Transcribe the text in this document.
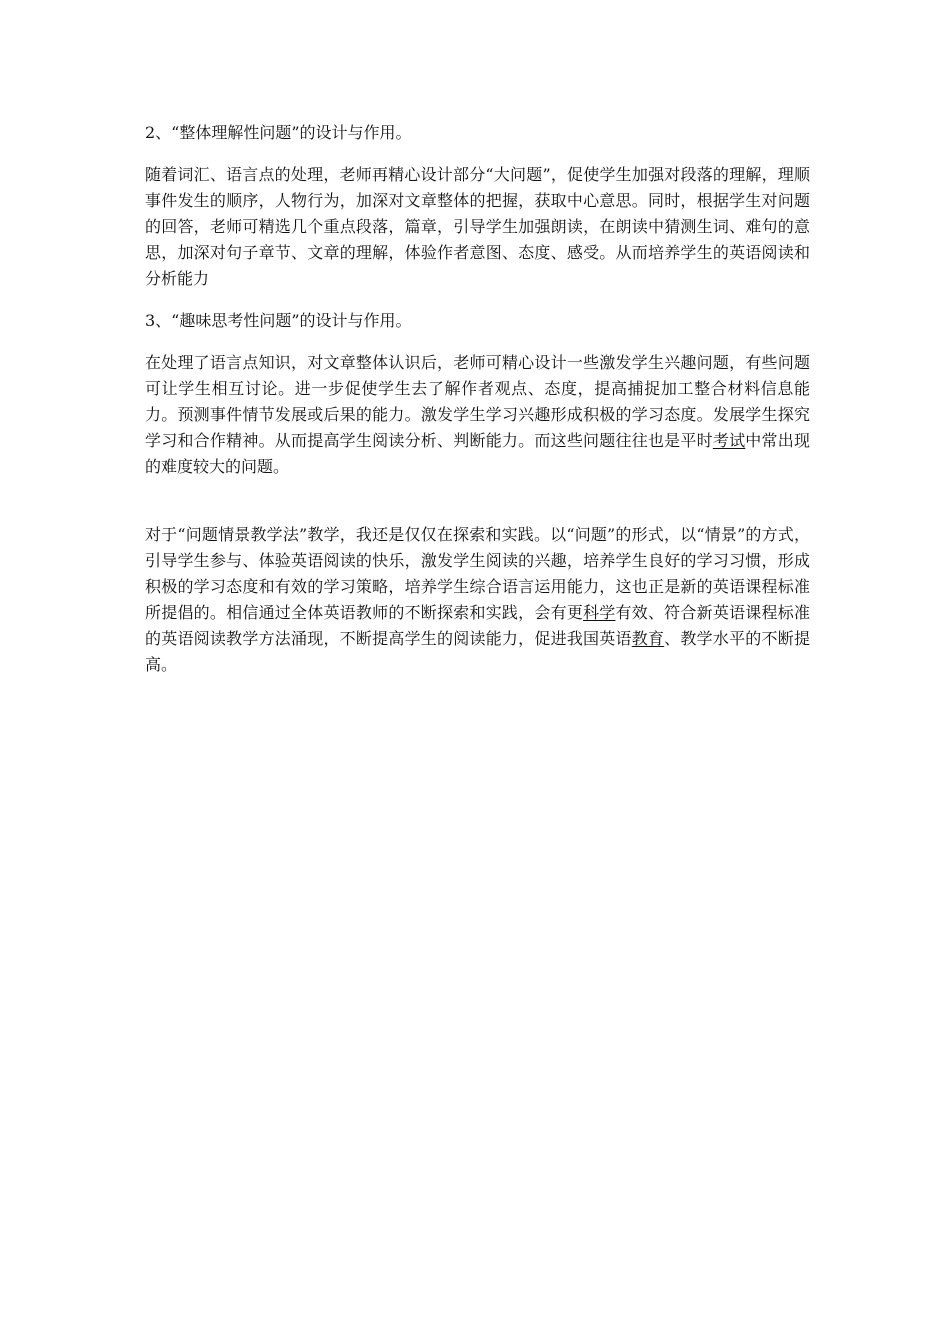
2、“整体理解性问题”的设计与作用。

随着词汇、语言点的处理，老师再精心设计部分“大问题”，促使学生加强对段落的理解，理顺事件发生的顺序，人物行为，加深对文章整体的把握，获取中心意思。同时，根据学生对问题的回答，老师可精选几个重点段落，篇章，引导学生加强朗读，在朗读中猜测生词、难句的意思，加深对句子章节、文章的理解，体验作者意图、态度、感受。从而培养学生的英语阅读和分析能力

3、“趣味思考性问题”的设计与作用。

在处理了语言点知识，对文章整体认识后，老师可精心设计一些激发学生兴趣问题，有些问题可让学生相互讨论。进一步促使学生去了解作者观点、态度，提高捕捉加工整合材料信息能力。预测事件情节发展或后果的能力。激发学生学习兴趣形成积极的学习态度。发展学生探究学习和合作精神。从而提高学生阅读分析、判断能力。而这些问题往往也是平时考试中常出现的难度较大的问题。

对于“问题情景教学法”教学，我还是仅仅在探索和实践。以“问题”的形式，以“情景”的方式，引导学生参与、体验英语阅读的快乐，激发学生阅读的兴趣，培养学生良好的学习习惯，形成积极的学习态度和有效的学习策略，培养学生综合语言运用能力，这也正是新的英语课程标准所提倡的。相信通过全体英语教师的不断探索和实践，会有更科学有效、符合新英语课程标准的英语阅读教学方法涌现，不断提高学生的阅读能力，促进我国英语教育、教学水平的不断提高。
